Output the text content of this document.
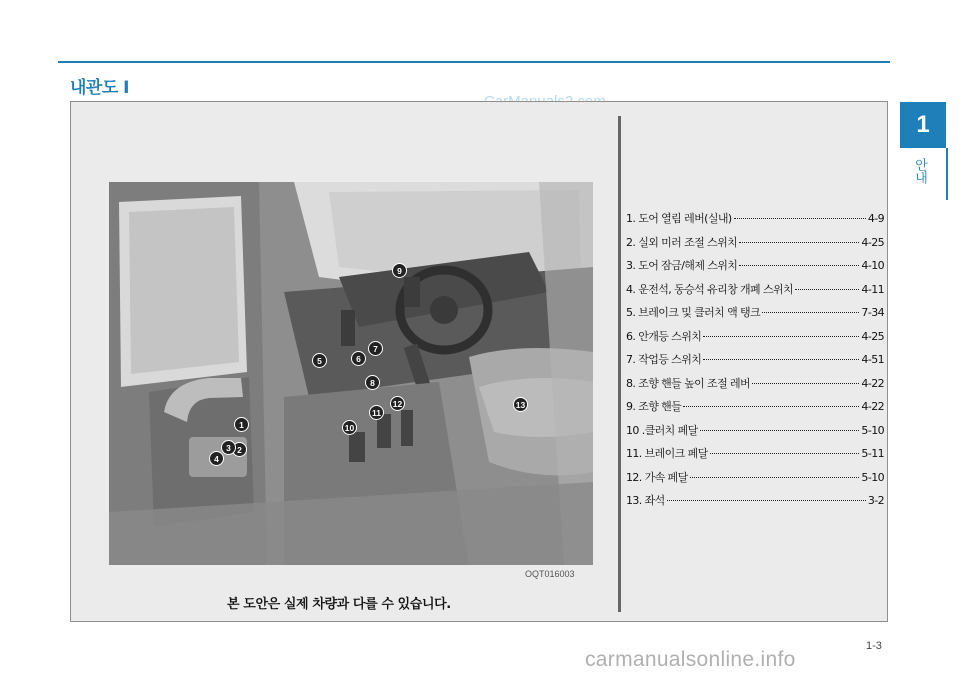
내관도 I
1
안내
1
2
3
4
5	6
7
8
9
10
11
12	13
OQT016003
본 도안은 실제 차량과 다를 수 있습니다.
1. 도어 열림 레버(실내)	4-9
2. 실외 미러 조절 스위치	4-25
3. 도어 잠금/해제 스위치	4-10
4. 운전석, 동승석 유리창 개폐 스위치	4-11
5. 브레이크 및 클러치 액 탱크	7-34
6. 안개등 스위치	4-25
7. 작업등 스위치	4-51
8. 조향 핸들 높이 조절 레버	4-22
9. 조향 핸들	4-22
10 .클러치 페달	5-10
11. 브레이크 페달	5-11
12. 가속 페달	5-10
13. 좌석	3-2
1-3
carmanualsonline.info
